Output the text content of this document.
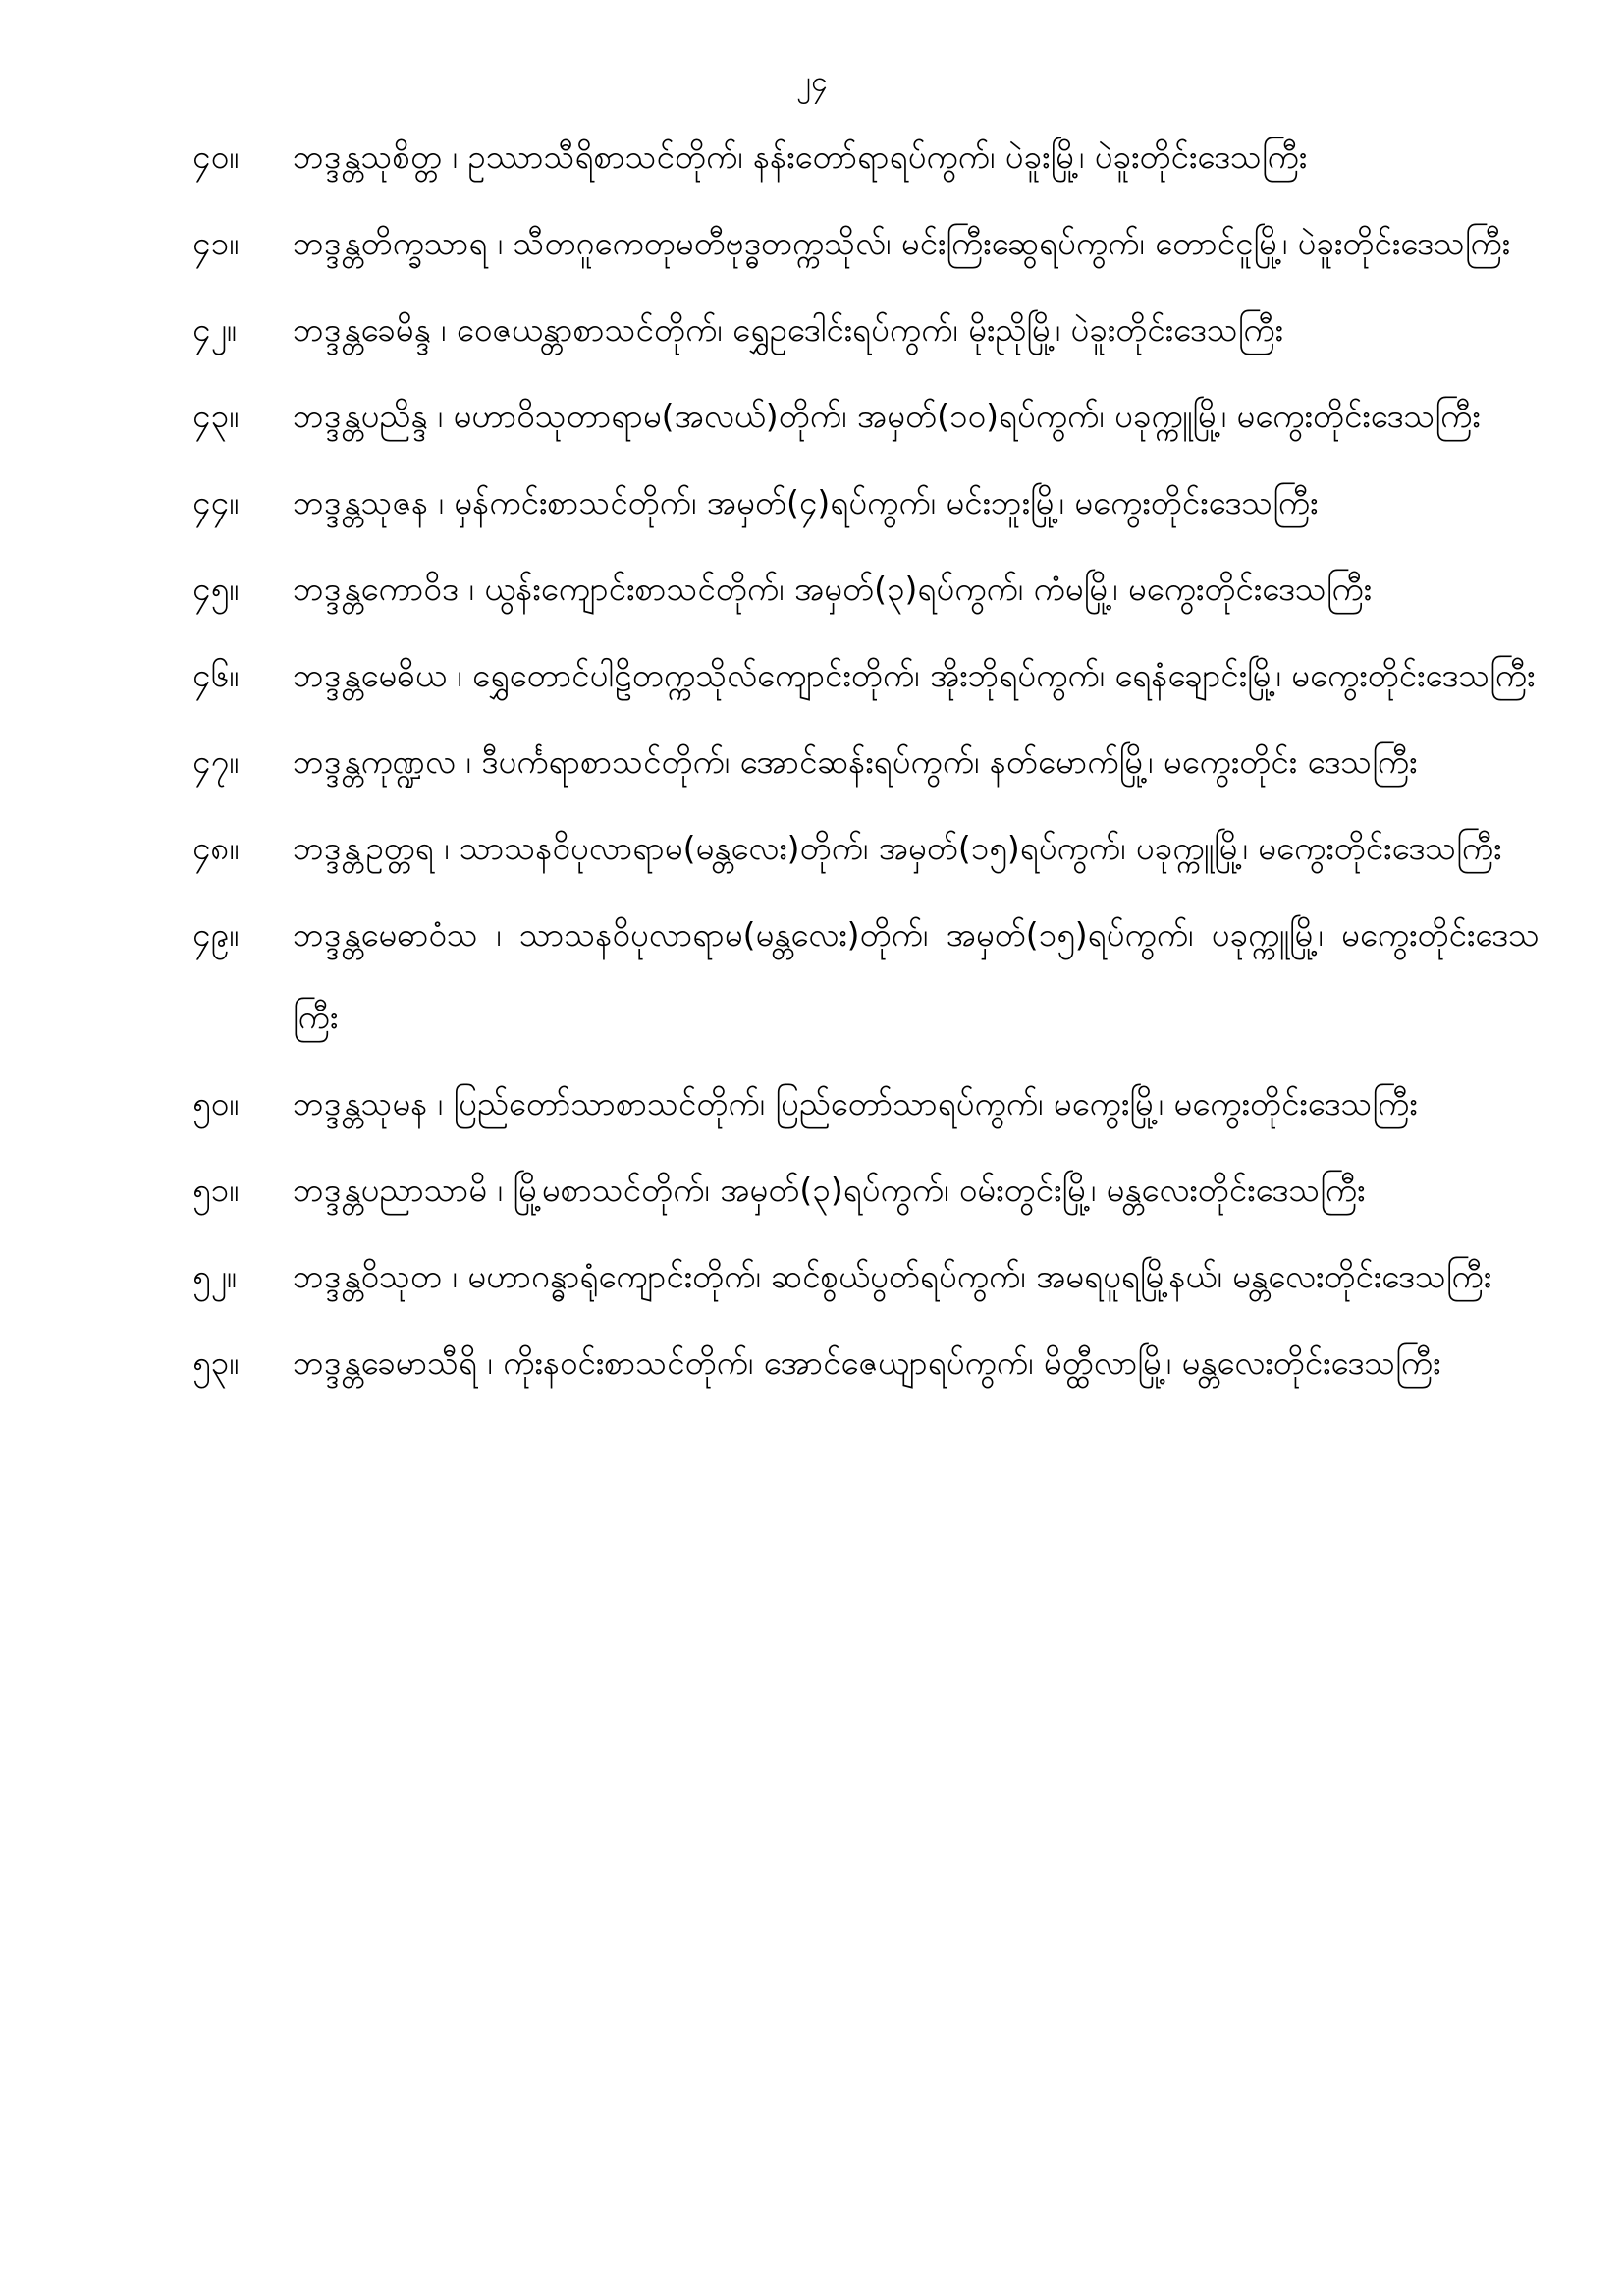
၂၄
၄၀။	ဘဒ္ဒန္တသုစိတ္တ ၊ ဥဿာသီရိစာသင်တိုက်၊ နန်းတော်ရာရပ်ကွက်၊ ပဲခူးမြို့၊ ပဲခူးတိုင်းဒေသကြီး
၄၁။	ဘဒ္ဒန္တတိက္ခသာရ ၊ သီတဂူကေတုမတီဗုဒ္ဓတက္ကသိုလ်၊ မင်းကြီးဆွေရပ်ကွက်၊ တောင်ငူမြို့၊ ပဲခူးတိုင်းဒေသကြီး
၄၂။	ဘဒ္ဒန္တခေမိန္ဒ ၊ ဝေဇယန္တာစာသင်တိုက်၊ ရွှေဥဒေါင်းရပ်ကွက်၊ မိုးညိုမြို့၊ ပဲခူးတိုင်းဒေသကြီး
၄၃။	ဘဒ္ဒန္တပညိန္ဒ ၊ မဟာဝိသုတာရာမ(အလယ်)တိုက်၊ အမှတ်(၁၀)ရပ်ကွက်၊ ပခုက္ကူမြို့၊ မကွေးတိုင်းဒေသကြီး
၄၄။	ဘဒ္ဒန္တသုဇန ၊ မှန်ကင်းစာသင်တိုက်၊ အမှတ်(၄)ရပ်ကွက်၊ မင်းဘူးမြို့၊ မကွေးတိုင်းဒေသကြီး
၄၅။	ဘဒ္ဒန္တကောဝိဒ ၊ ယွန်းကျောင်းစာသင်တိုက်၊ အမှတ်(၃)ရပ်ကွက်၊ ကံမမြို့၊ မကွေးတိုင်းဒေသကြီး
၄၆။	ဘဒ္ဒန္တမေဓိယ ၊ ရွှေတောင်ပါဠိတက္ကသိုလ်ကျောင်းတိုက်၊ အိုးဘိုရပ်ကွက်၊ ရေနံချောင်းမြို့၊ မကွေးတိုင်းဒေသကြီး
၄၇။	ဘဒ္ဒန္တကုဏ္ဍလ ၊ ဒီပင်္ကရာစာသင်တိုက်၊ အောင်ဆန်းရပ်ကွက်၊ နတ်မောက်မြို့၊ မကွေးတိုင်း ဒေသကြီး
၄၈။	ဘဒ္ဒန္တဥတ္တရ ၊ သာသနဝိပုလာရာမ(မန္တလေး)တိုက်၊ အမှတ်(၁၅)ရပ်ကွက်၊ ပခုက္ကူမြို့၊ မကွေးတိုင်းဒေသကြီး
၄၉။	ဘဒ္ဒန္တမေဓာဝံသ ၊ သာသနဝိပုလာရာမ(မန္တလေး)တိုက်၊ အမှတ်(၁၅)ရပ်ကွက်၊ ပခုက္ကူမြို့၊ မကွေးတိုင်းဒေသကြီး
၅၀။	ဘဒ္ဒန္တသုမန ၊ ပြည်တော်သာစာသင်တိုက်၊ ပြည်တော်သာရပ်ကွက်၊ မကွေးမြို့၊ မကွေးတိုင်းဒေသကြီး
၅၁။	ဘဒ္ဒန္တပညာသာမိ ၊ မြို့မစာသင်တိုက်၊ အမှတ်(၃)ရပ်ကွက်၊ ဝမ်းတွင်းမြို့၊ မန္တလေးတိုင်းဒေသကြီး
၅၂။	ဘဒ္ဒန္တဝိသုတ ၊ မဟာဂန္ဓာရုံကျောင်းတိုက်၊ ဆင်စွယ်ပွတ်ရပ်ကွက်၊ အမရပူရမြို့နယ်၊ မန္တလေးတိုင်းဒေသကြီး
၅၃။	ဘဒ္ဒန္တခေမာသီရိ ၊ ကိုးနဝင်းစာသင်တိုက်၊ အောင်ဇေယျာရပ်ကွက်၊ မိတ္ထီလာမြို့၊ မန္တလေးတိုင်းဒေသကြီး
